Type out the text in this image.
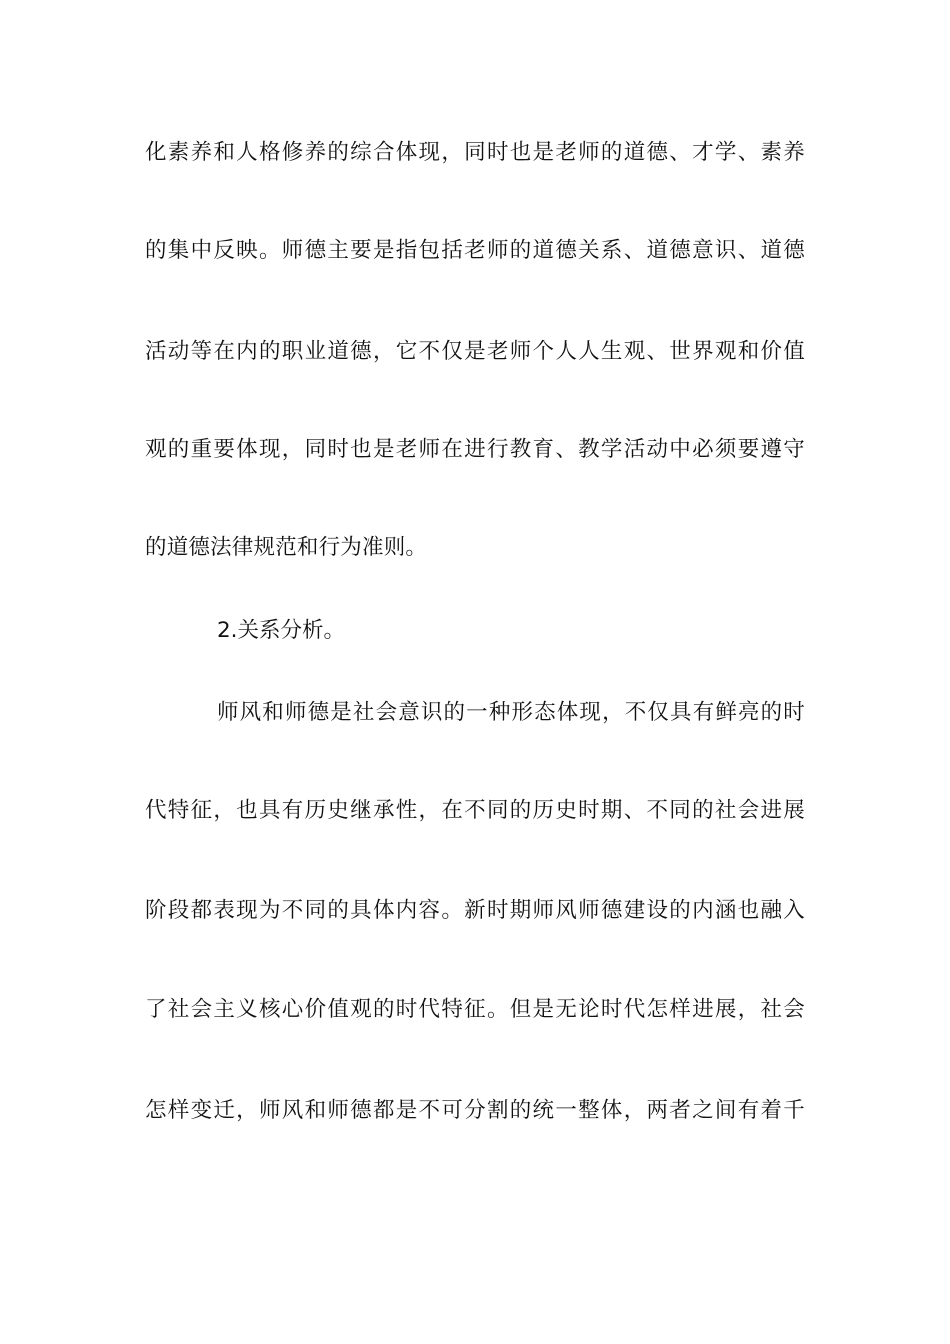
化素养和人格修养的综合体现，同时也是老师的道德、才学、素养
的集中反映。师德主要是指包括老师的道德关系、道德意识、道德
活动等在内的职业道德，它不仅是老师个人人生观、世界观和价值
观的重要体现，同时也是老师在进行教育、教学活动中必须要遵守
的道德法律规范和行为准则。
2.关系分析。
师风和师德是社会意识的一种形态体现，不仅具有鲜亮的时
代特征，也具有历史继承性，在不同的历史时期、不同的社会进展
阶段都表现为不同的具体内容。新时期师风师德建设的内涵也融入
了社会主义核心价值观的时代特征。但是无论时代怎样进展，社会
怎样变迁，师风和师德都是不可分割的统一整体，两者之间有着千
